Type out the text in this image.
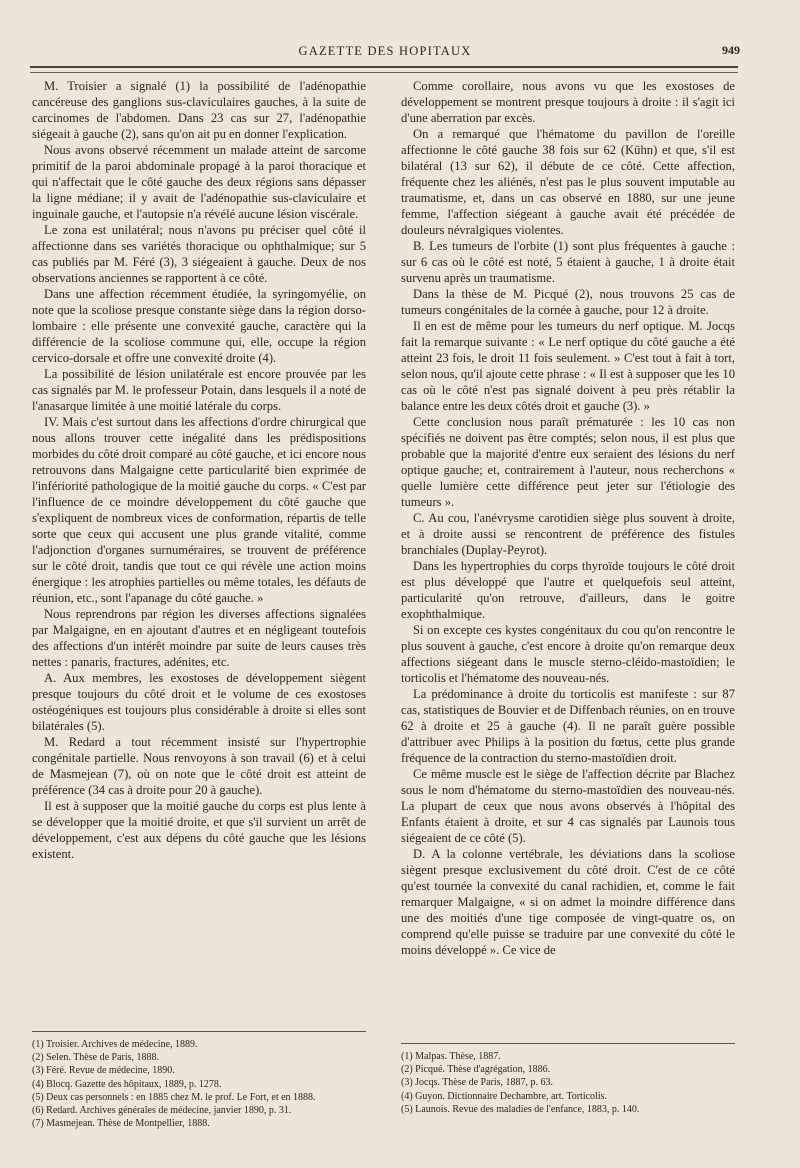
GAZETTE DES HOPITAUX	949

M. Troisier a signalé (1) la possibilité de l'adénopathie cancéreuse des ganglions sus-claviculaires gauches, à la suite de carcinomes de l'abdomen. Dans 23 cas sur 27, l'adénopathie siégeait à gauche (2), sans qu'on ait pu en donner l'explication.

Nous avons observé récemment un malade atteint de sarcome primitif de la paroi abdominale propagé à la paroi thoracique et qui n'affectait que le côté gauche des deux régions sans dépasser la ligne médiane; il y avait de l'adénopathie sus-claviculaire et inguinale gauche, et l'autopsie n'a révélé aucune lésion viscérale.

Le zona est unilatéral; nous n'avons pu préciser quel côté il affectionne dans ses variétés thoracique ou ophthalmique; sur 5 cas publiés par M. Féré (3), 3 siégeaient à gauche. Deux de nos observations anciennes se rapportent à ce côté.

Dans une affection récemment étudiée, la syringomyélie, on note que la scoliose presque constante siège dans la région dorso-lombaire : elle présente une convexité gauche, caractère qui la différencie de la scoliose commune qui, elle, occupe la région cervico-dorsale et offre une convexité droite (4).

La possibilité de lésion unilatérale est encore prouvée par les cas signalés par M. le professeur Potain, dans lesquels il a noté de l'anasarque limitée à une moitié latérale du corps.

IV. Mais c'est surtout dans les affections d'ordre chirurgical que nous allons trouver cette inégalité dans les prédispositions morbides du côté droit comparé au côté gauche, et ici encore nous retrouvons dans Malgaigne cette particularité bien exprimée de l'infériorité pathologique de la moitié gauche du corps. « C'est par l'influence de ce moindre développement du côté gauche que s'expliquent de nombreux vices de conformation, répartis de telle sorte que ceux qui accusent une plus grande vitalité, comme l'adjonction d'organes surnuméraires, se trouvent de préférence sur le côté droit, tandis que tout ce qui révèle une action moins énergique : les atrophies partielles ou même totales, les défauts de réunion, etc., sont l'apanage du côté gauche. »

Nous reprendrons par région les diverses affections signalées par Malgaigne, en en ajoutant d'autres et en négligeant toutefois des affections d'un intérêt moindre par suite de leurs causes très nettes : panaris, fractures, adénites, etc.

A. Aux membres, les exostoses de développement siègent presque toujours du côté droit et le volume de ces exostoses ostéogéniques est toujours plus considérable à droite si elles sont bilatérales (5).

M. Redard a tout récemment insisté sur l'hypertrophie congénitale partielle. Nous renvoyons à son travail (6) et à celui de Masmejean (7), où on note que le côté droit est atteint de préférence (34 cas à droite pour 20 à gauche).

Il est à supposer que la moitié gauche du corps est plus lente à se développer que la moitié droite, et que s'il survient un arrêt de développement, c'est aux dépens du côté gauche que les lésions existent.

(1) Troisier. Archives de médecine, 1889.
(2) Selen. Thèse de Paris, 1888.
(3) Féré. Revue de médecine, 1890.
(4) Blocq. Gazette des hôpitaux, 1889, p. 1278.
(5) Deux cas personnels : en 1885 chez M. le prof. Le Fort, et en 1888.
(6) Redard. Archives générales de médecine, janvier 1890, p. 31.
(7) Masmejean. Thèse de Montpellier, 1888.

Comme corollaire, nous avons vu que les exostoses de développement se montrent presque toujours à droite : il s'agit ici d'une aberration par excès.

On a remarqué que l'hématome du pavillon de l'oreille affectionne le côté gauche 38 fois sur 62 (Kühn) et que, s'il est bilatéral (13 sur 62), il débute de ce côté. Cette affection, fréquente chez les aliénés, n'est pas le plus souvent imputable au traumatisme, et, dans un cas observé en 1880, sur une jeune femme, l'affection siégeant à gauche avait été précédée de douleurs névralgiques violentes.

B. Les tumeurs de l'orbite (1) sont plus fréquentes à gauche : sur 6 cas où le côté est noté, 5 étaient à gauche, 1 à droite était survenu après un traumatisme.

Dans la thèse de M. Picqué (2), nous trouvons 25 cas de tumeurs congénitales de la cornée à gauche, pour 12 à droite.

Il en est de même pour les tumeurs du nerf optique. M. Jocqs fait la remarque suivante : « Le nerf optique du côté gauche a été atteint 23 fois, le droit 11 fois seulement. » C'est tout à fait à tort, selon nous, qu'il ajoute cette phrase : « Il est à supposer que les 10 cas où le côté n'est pas signalé doivent à peu près rétablir la balance entre les deux côtés droit et gauche (3). »

Cette conclusion nous paraît prématurée : les 10 cas non spécifiés ne doivent pas être comptés; selon nous, il est plus que probable que la majorité d'entre eux seraient des lésions du nerf optique gauche; et, contrairement à l'auteur, nous recherchons « quelle lumière cette différence peut jeter sur l'étiologie des tumeurs ».

C. Au cou, l'anévrysme carotidien siège plus souvent à droite, et à droite aussi se rencontrent de préférence des fistules branchiales (Duplay-Peyrot).

Dans les hypertrophies du corps thyroïde toujours le côté droit est plus développé que l'autre et quelquefois seul atteint, particularité qu'on retrouve, d'ailleurs, dans le goitre exophthalmique.

Si on excepte ces kystes congénitaux du cou qu'on rencontre le plus souvent à gauche, c'est encore à droite qu'on remarque deux affections siégeant dans le muscle sterno-cléido-mastoïdien; le torticolis et l'hématome des nouveau-nés.

La prédominance à droite du torticolis est manifeste : sur 87 cas, statistiques de Bouvier et de Diffenbach réunies, on en trouve 62 à droite et 25 à gauche (4). Il ne paraît guère possible d'attribuer avec Philips à la position du fœtus, cette plus grande fréquence de la contraction du sterno-mastoïdien droit.

Ce même muscle est le siège de l'affection décrite par Blachez sous le nom d'hématome du sterno-mastoïdien des nouveau-nés. La plupart de ceux que nous avons observés à l'hôpital des Enfants étaient à droite, et sur 4 cas signalés par Launois tous siégeaient de ce côté (5).

D. A la colonne vertébrale, les déviations dans la scoliose siègent presque exclusivement du côté droit. C'est de ce côté qu'est tournée la convexité du canal rachidien, et, comme le fait remarquer Malgaigne, « si on admet la moindre différence dans une des moitiés d'une tige composée de vingt-quatre os, on comprend qu'elle puisse se traduire par une convexité du côté le moins développé ». Ce vice de

(1) Malpas. Thèse, 1887.
(2) Picqué. Thèse d'agrégation, 1886.
(3) Jocqs. Thèse de Paris, 1887, p. 63.
(4) Guyon. Dictionnaire Dechambre, art. Torticolis.
(5) Launois. Revue des maladies de l'enfance, 1883, p. 140.
